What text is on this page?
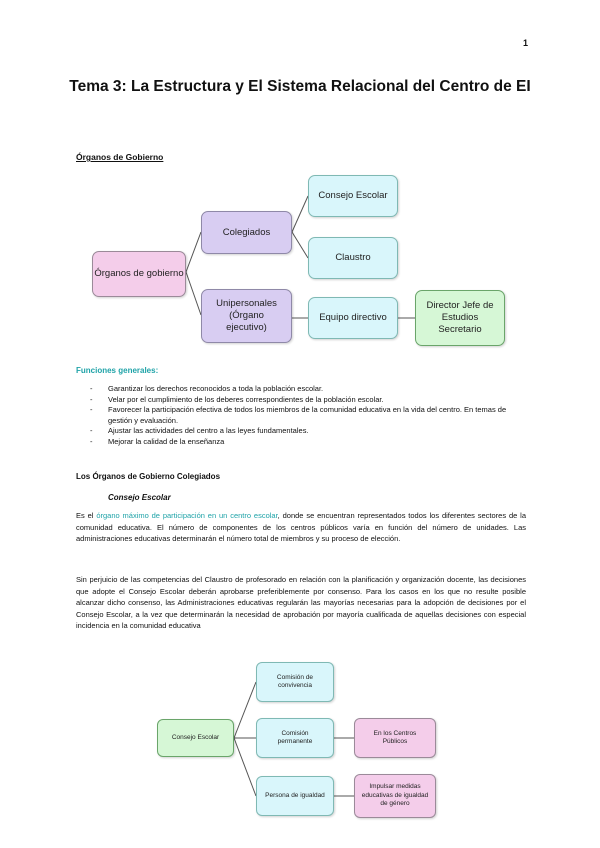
1
Tema 3: La Estructura y El Sistema Relacional del Centro de EI
Órganos de Gobierno
Órganos de gobierno
Colegiados
Unipersonales (Órgano ejecutivo)
Consejo Escolar
Claustro
Equipo directivo
Director Jefe de Estudios Secretario
Funciones generales:
- Garantizar los derechos reconocidos a toda la población escolar.
- Velar por el cumplimiento de los deberes correspondientes de la población escolar.
- Favorecer la participación efectiva de todos los miembros de la comunidad educativa en la vida del centro. En temas de gestión y evaluación.
- Ajustar las actividades del centro a las leyes fundamentales.
- Mejorar la calidad de la enseñanza
Los Órganos de Gobierno Colegiados
Consejo Escolar

Es el órgano máximo de participación en un centro escolar, donde se encuentran representados todos los diferentes sectores de la comunidad educativa. El número de componentes de los centros públicos varía en función del número de unidades. Las administraciones educativas determinarán el número total de miembros y su proceso de elección.

Sin perjuicio de las competencias del Claustro de profesorado en relación con la planificación y organización docente, las decisiones que adopte el Consejo Escolar deberán aprobarse preferiblemente por consenso. Para los casos en los que no resulte posible alcanzar dicho consenso, las Administraciones educativas regularán las mayorías necesarias para la adopción de decisiones por el Consejo Escolar, a la vez que determinarán la necesidad de aprobación por mayoría cualificada de aquellas decisiones con especial incidencia en la comunidad educativa

Consejo Escolar
Comisión de convivencia
Comisión permanente
Persona de igualdad
En los Centros Públicos
Impulsar medidas educativas de igualdad de género
